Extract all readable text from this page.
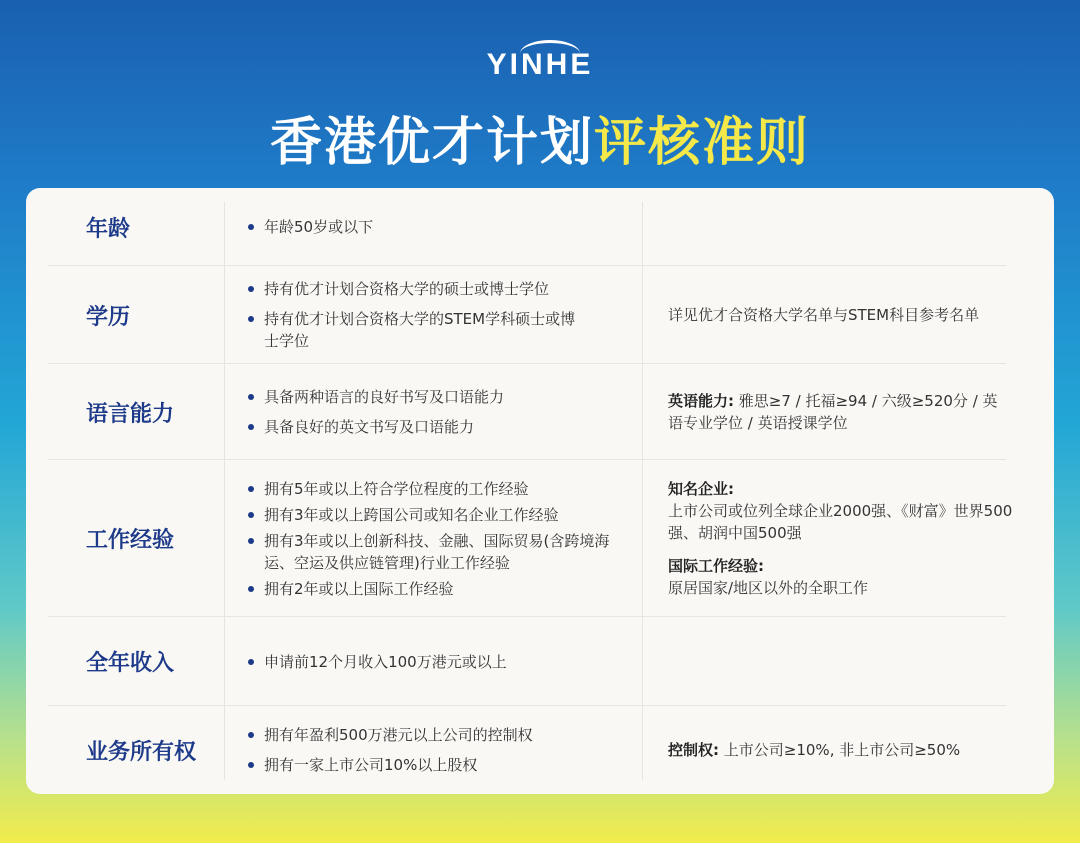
YINHE
香港优才计划评核准则
年龄	年龄50岁或以下
学历
持有优才计划合资格大学的硕士或博士学位
持有优才计划合资格大学的STEM学科硕士或博士学位
详见优才合资格大学名单与STEM科目参考名单
语言能力
具备两种语言的良好书写及口语能力
具备良好的英文书写及口语能力
英语能力: 雅思≥7 / 托福≥94 / 六级≥520分 / 英语专业学位 / 英语授课学位
工作经验
拥有5年或以上符合学位程度的工作经验
拥有3年或以上跨国公司或知名企业工作经验
拥有3年或以上创新科技、金融、国际贸易(含跨境海运、空运及供应链管理)行业工作经验
拥有2年或以上国际工作经验
知名企业:
上市公司或位列全球企业2000强、《财富》世界500强、胡润中国500强
国际工作经验:
原居国家/地区以外的全职工作
全年收入	申请前12个月收入100万港元或以上
业务所有权
拥有年盈利500万港元以上公司的控制权
拥有一家上市公司10%以上股权
控制权: 上市公司≥10%, 非上市公司≥50%
